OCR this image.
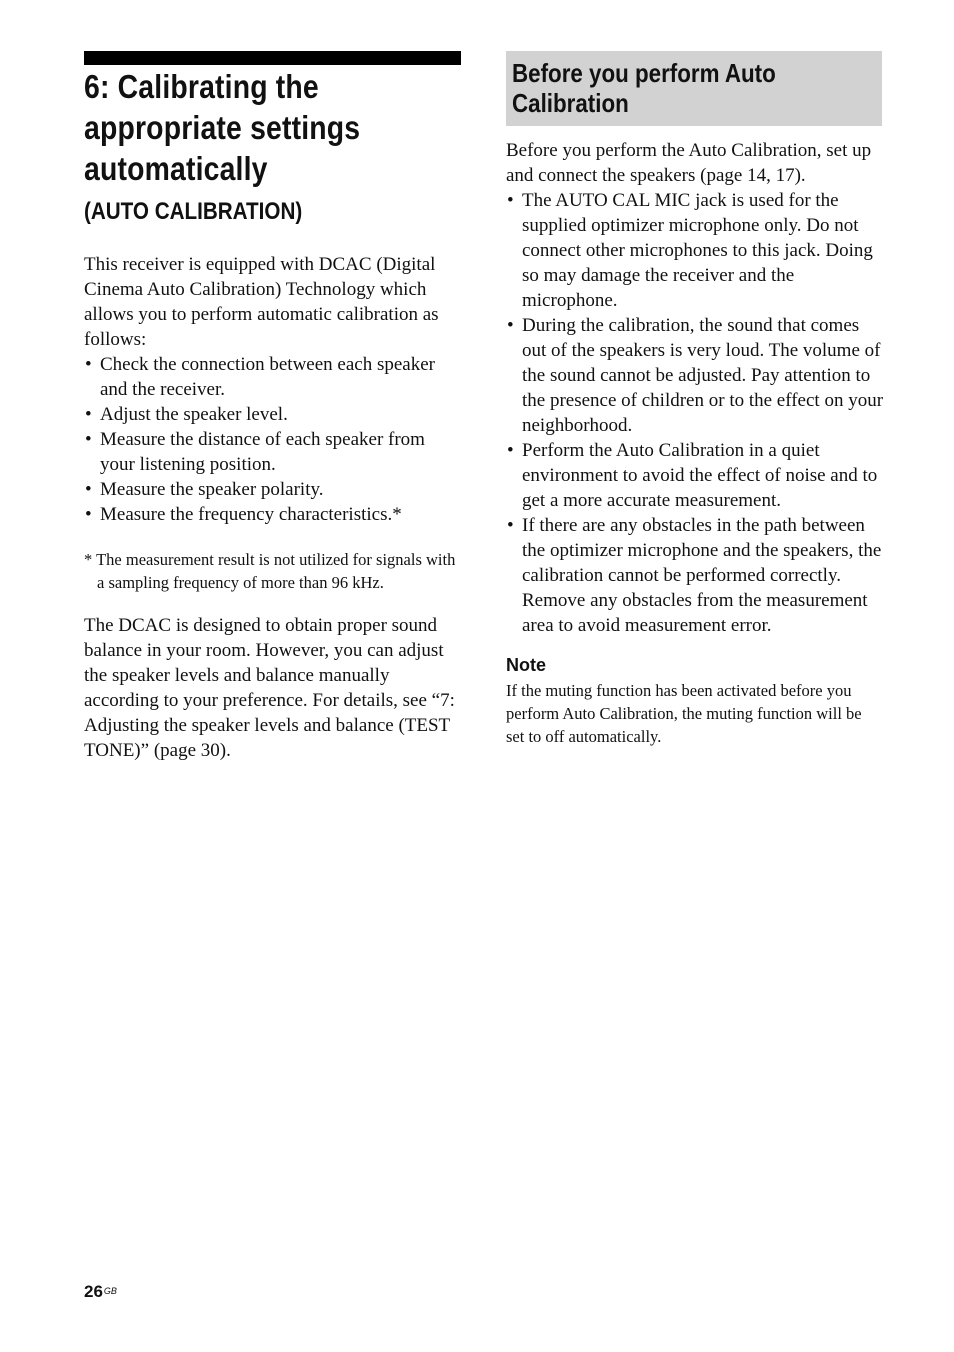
6: Calibrating the
appropriate settings
automatically
(AUTO CALIBRATION)

This receiver is equipped with DCAC (Digital Cinema Auto Calibration) Technology which allows you to perform automatic calibration as follows:

• Check the connection between each speaker and the receiver.
• Adjust the speaker level.
• Measure the distance of each speaker from your listening position.
• Measure the speaker polarity.
• Measure the frequency characteristics.*

* The measurement result is not utilized for signals with a sampling frequency of more than 96 kHz.

The DCAC is designed to obtain proper sound balance in your room. However, you can adjust the speaker levels and balance manually according to your preference. For details, see “7: Adjusting the speaker levels and balance (TEST TONE)” (page 30).

Before you perform Auto Calibration

Before you perform the Auto Calibration, set up and connect the speakers (page 14, 17).

• The AUTO CAL MIC jack is used for the supplied optimizer microphone only. Do not connect other microphones to this jack. Doing so may damage the receiver and the microphone.
• During the calibration, the sound that comes out of the speakers is very loud. The volume of the sound cannot be adjusted. Pay attention to the presence of children or to the effect on your neighborhood.
• Perform the Auto Calibration in a quiet environment to avoid the effect of noise and to get a more accurate measurement.
• If there are any obstacles in the path between the optimizer microphone and the speakers, the calibration cannot be performed correctly. Remove any obstacles from the measurement area to avoid measurement error.
Note

If the muting function has been activated before you perform Auto Calibration, the muting function will be set to off automatically.

$26^{GB}$
